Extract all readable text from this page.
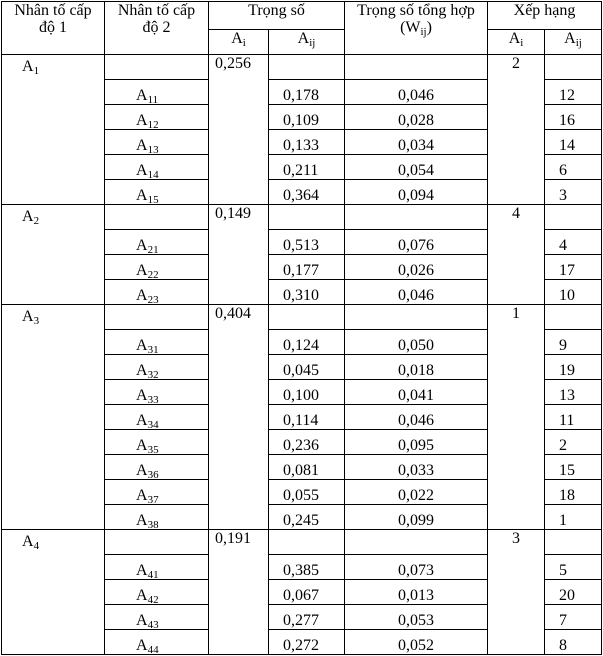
Nhân tố cấp độ 1	Nhân tố cấp độ 2	Trọng số		Trọng số tổng hợp $(W_{ij})$	Xếp hạng	
		$A_i$	$A_{ij}$		$A_i$	$A_{ij}$
$A_1$		0,256			2	
	$A_{11}$		0,178	0,046		12
	$A_{12}$		0,109	0,028		16
	$A_{13}$		0,133	0,034		14
	$A_{14}$		0,211	0,054		6
	$A_{15}$		0,364	0,094		3
$A_2$		0,149			4	
	$A_{21}$		0,513	0,076		4
	$A_{22}$		0,177	0,026		17
	$A_{23}$		0,310	0,046		10
$A_3$		0,404			1	
	$A_{31}$		0,124	0,050		9
	$A_{32}$		0,045	0,018		19
	$A_{33}$		0,100	0,041		13
	$A_{34}$		0,114	0,046		11
	$A_{35}$		0,236	0,095		2
	$A_{36}$		0,081	0,033		15
	$A_{37}$		0,055	0,022		18
	$A_{38}$		0,245	0,099		1
$A_4$		0,191			3	
	$A_{41}$		0,385	0,073		5
	$A_{42}$		0,067	0,013		20
	$A_{43}$		0,277	0,053		7
	$A_{44}$		0,272	0,052		8
